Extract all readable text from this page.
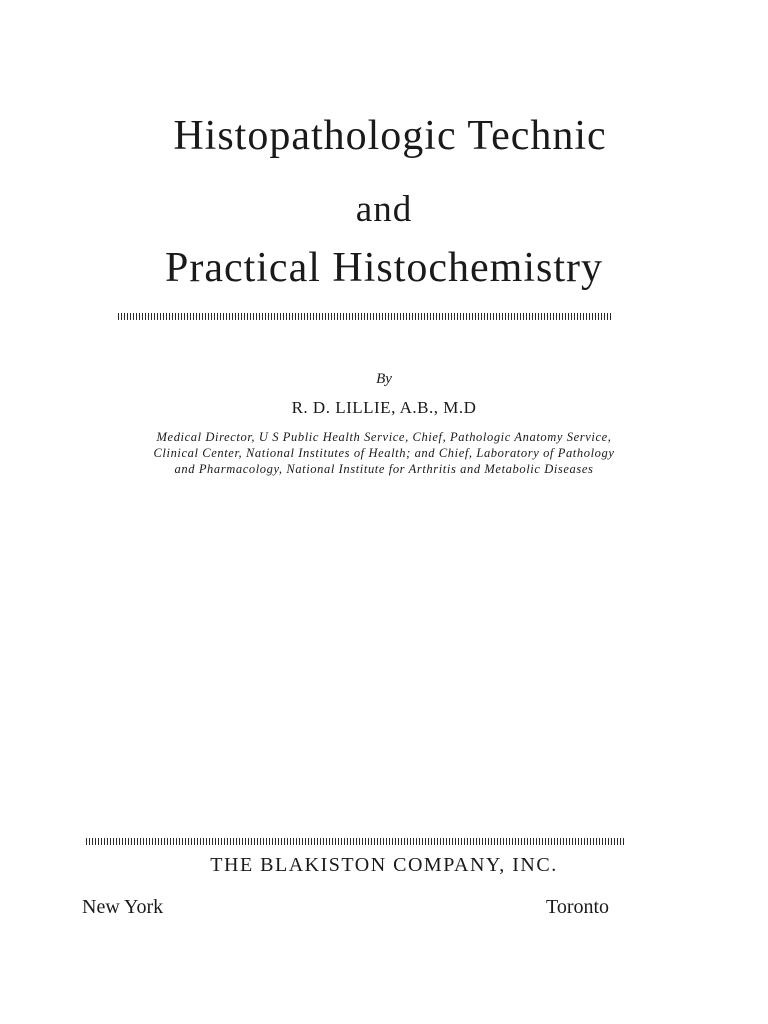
Histopathologic Technic
and
Practical Histochemistry
By
R. D. LILLIE, A.B., M.D
Medical Director, U S Public Health Service, Chief, Pathologic Anatomy Service,
Clinical Center, National Institutes of Health; and Chief, Laboratory of Pathology
and Pharmacology, National Institute for Arthritis and Metabolic Diseases
THE BLAKISTON COMPANY, INC.
New York	Toronto
